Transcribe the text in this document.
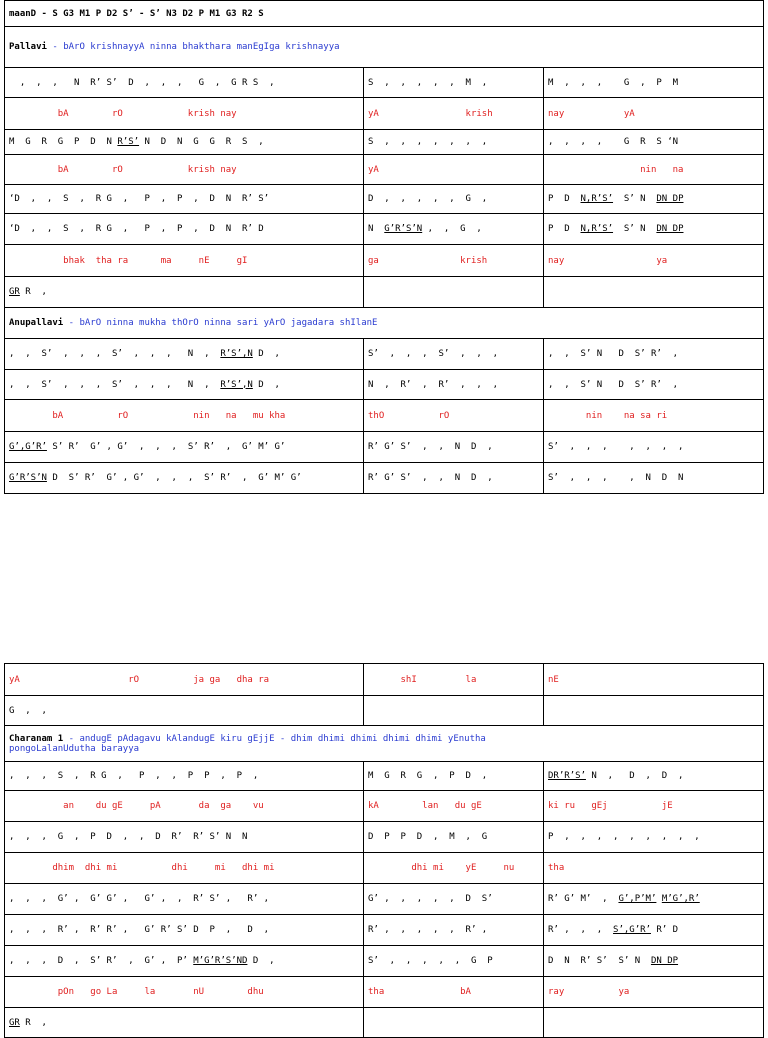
maanD - S G3 M1 P D2 S’ - S’ N3 D2 P M1 G3 R2 S		
Pallavi - bArO krishnayyA ninna bhakthara manEgIga krishnayya		
,  ,  ,   N  R’ S’  D  ,  ,  ,   G  ,  G R S  ,	S  ,  ,  ,  ,  ,  M  ,	M  ,  ,  ,    G  ,  P  M
bA        rO            krish nay	yA                krish	nay           yA
M  G  R  G  P  D  N R’S’ N  D  N  G  G  R  S  ,	S  ,  ,  ,  ,  ,  ,  ,	,  ,  ,  ,    G  R  S ‘N
bA        rO            krish nay	yA	nin   na
‘D  ,  ,  S  ,  R G  ,   P  ,  P  ,  D  N  R’ S’	D  ,  ,  ,  ,  ,  G  ,	P  D  N,R’S’  S’ N  DN DP
‘D  ,  ,  S  ,  R G  ,   P  ,  P  ,  D  N  R’ D	N  G’R’S’N ,  ,  G  ,	P  D  N,R’S’  S’ N  DN DP
bhak  tha ra      ma     nE     gI	ga               krish	nay                 ya
GR R  ,		
Anupallavi - bArO ninna mukha thOrO ninna sari yArO jagadara shIlanE		
,  ,  S’  ,  ,  ,  S’  ,  ,  ,   N  ,  R’S’,N D  ,	S’  ,  ,  ,  S’  ,  ,  ,	,  ,  S’ N   D  S’ R’  ,
,  ,  S’  ,  ,  ,  S’  ,  ,  ,   N  ,  R’S’,N D  ,	N  ,  R’  ,  R’  ,  ,  ,	,  ,  S’ N   D  S’ R’  ,
bA          rO            nin   na   mu kha	thO          rO	nin    na sa ri
G’,G’R’ S’ R’  G’ , G’  ,  ,  ,  S’ R’  ,  G’ M’ G’	R’ G’ S’  ,  ,  N  D  ,	S’  ,  ,  ,    ,  ,  ,  ,
G’R’S’N D  S’ R’  G’ , G’  ,  ,  ,  S’ R’  ,  G’ M’ G’	R’ G’ S’  ,  ,  N  D  ,	S’  ,  ,  ,    ,  N  D  N
yA                    rO          ja ga   dha ra	shI         la	nE
G  ,  ,		
Charanam 1 - andugE pAdagavu kAlandugE kiru gEjjE - dhim dhimi dhimi dhimi dhimi yEnutha
pongoLalanUdutha barayya		
,  ,  ,  S  ,  R G  ,   P  ,  ,  P  P  ,  P  ,	M  G  R  G  ,  P  D  ,	DR’R’S’ N  ,   D  ,  D  ,
an    du gE     pA       da  ga    vu	kA        lan   du gE	ki ru   gEj          jE
,  ,  ,  G  ,  P  D  ,  ,  D  R’  R’ S’ N  N	D  P  P  D  ,  M  ,  G	P  ,  ,  ,  ,  ,  ,  ,  ,  ,
dhim  dhi mi          dhi     mi   dhi mi	dhi mi    yE     nu	tha
,  ,  ,  G’ ,  G’ G’ ,   G’ ,  ,  R’ S’ ,   R’ ,	G’ ,  ,  ,  ,  ,  D  S’	R’ G’ M’  ,  G’,P’M’ M’G’,R’
,  ,  ,  R’ ,  R’ R’ ,   G’ R’ S’ D  P  ,   D  ,	R’ ,  ,  ,  ,  ,  R’ ,	R’ ,  ,  ,  S’,G’R’ R’ D
,  ,  ,  D  ,  S’ R’  ,  G’ ,  P’ M’G’R’S’ND D  ,	S’  ,  ,  ,  ,  ,  G  P	D  N  R’ S’  S’ N  DN DP
pOn   go La     la       nU        dhu	tha              bA	ray          ya
GR R  ,		
